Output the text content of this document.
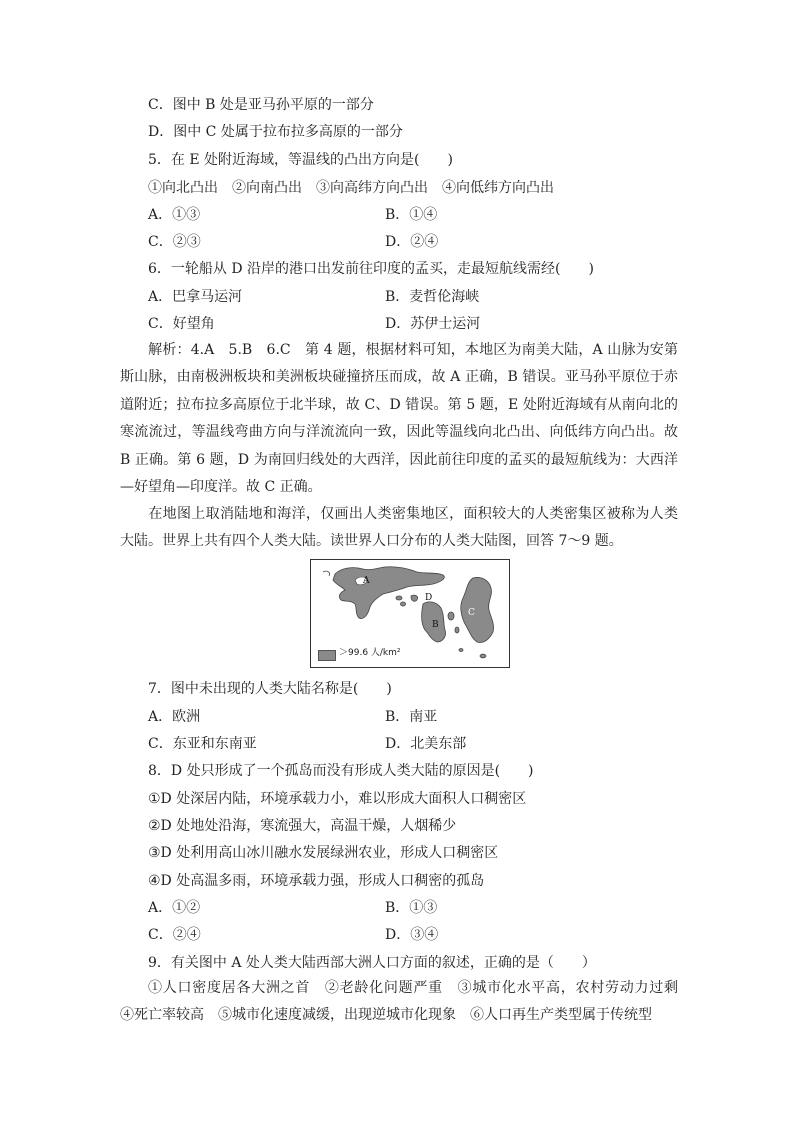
C．图中 B 处是亚马孙平原的一部分
D．图中 C 处属于拉布拉多高原的一部分
5．在 E 处附近海域，等温线的凸出方向是(　　)
①向北凸出　②向南凸出　③向高纬方向凸出　④向低纬方向凸出
A．①③	B．①④
C．②③	D．②④
6．一轮船从 D 沿岸的港口出发前往印度的孟买，走最短航线需经(　　)
A．巴拿马运河	B．麦哲伦海峡
C．好望角	D．苏伊士运河
解析：4.A　5.B　6.C　第 4 题，根据材料可知，本地区为南美大陆，A 山脉为安第斯山脉，由南极洲板块和美洲板块碰撞挤压而成，故 A 正确，B 错误。亚马孙平原位于赤道附近；拉布拉多高原位于北半球，故 C、D 错误。第 5 题，E 处附近海域有从南向北的寒流流过，等温线弯曲方向与洋流流向一致，因此等温线向北凸出、向低纬方向凸出。故 B 正确。第 6 题，D 为南回归线处的大西洋，因此前往印度的孟买的最短航线为：大西洋—好望角—印度洋。故 C 正确。
在地图上取消陆地和海洋，仅画出人类密集地区，面积较大的人类密集区被称为人类大陆。世界上共有四个人类大陆。读世界人口分布的人类大陆图，回答 7～9 题。
A
D
B
C
＞99.6 人/km²
7．图中未出现的人类大陆名称是(　　)
A．欧洲	B．南亚
C．东亚和东南亚	D．北美东部
8．D 处只形成了一个孤岛而没有形成人类大陆的原因是(　　)
①D 处深居内陆，环境承载力小，难以形成大面积人口稠密区
②D 处地处沿海，寒流强大，高温干燥，人烟稀少
③D 处利用高山冰川融水发展绿洲农业，形成人口稠密区
④D 处高温多雨，环境承载力强，形成人口稠密的孤岛
A．①②	B．①③
C．②④	D．③④
9．有关图中 A 处人类大陆西部大洲人口方面的叙述，正确的是（　　）
①人口密度居各大洲之首　②老龄化问题严重　③城市化水平高，农村劳动力过剩　④死亡率较高　⑤城市化速度减缓，出现逆城市化现象　⑥人口再生产类型属于传统型
